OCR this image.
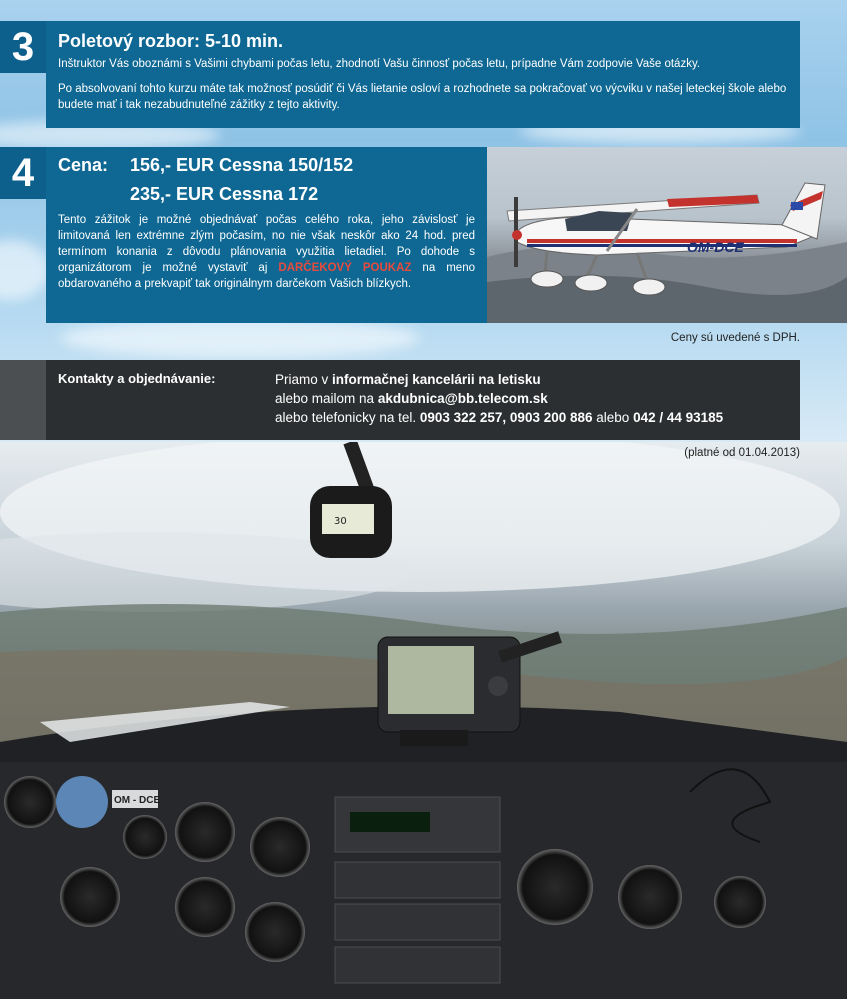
3	Poletový rozbor: 5-10 min.
Inštruktor Vás oboznámi s Vašimi chybami počas letu, zhodnotí Vašu činnosť počas letu, prípadne Vám zodpovie Vaše otázky.
Po absolvovaní tohto kurzu máte tak možnosť posúdiť či Vás lietanie osloví a rozhodnete sa pokračovať vo výcviku v našej leteckej škole alebo budete mať i tak nezabudnuteľné zážitky z tejto aktivity.
4	Cena:	156,- EUR Cessna 150/152
235,- EUR Cessna 172
Tento zážitok je možné objednávať počas celého roka, jeho závislosť je limitovaná len extrémne zlým počasím, no nie však neskôr ako 24 hod. pred termínom konania z dôvodu plánovania využitia lietadiel. Po dohode s organizátorom je možné vystaviť aj DARČEKOVÝ POUKAZ na meno obdarovaného a prekvapiť tak originálnym darčekom Vašich blízkych.
OM-DCE
Ceny sú uvedené s DPH.
Kontakty a objednávanie:	Priamo v informačnej kancelárii na letisku
alebo mailom na akdubnica@bb.telecom.sk
alebo telefonicky na tel. 0903 322 257, 0903 200 886 alebo 042 / 44 93185
30
OM - DCE
(platné od 01.04.2013)
